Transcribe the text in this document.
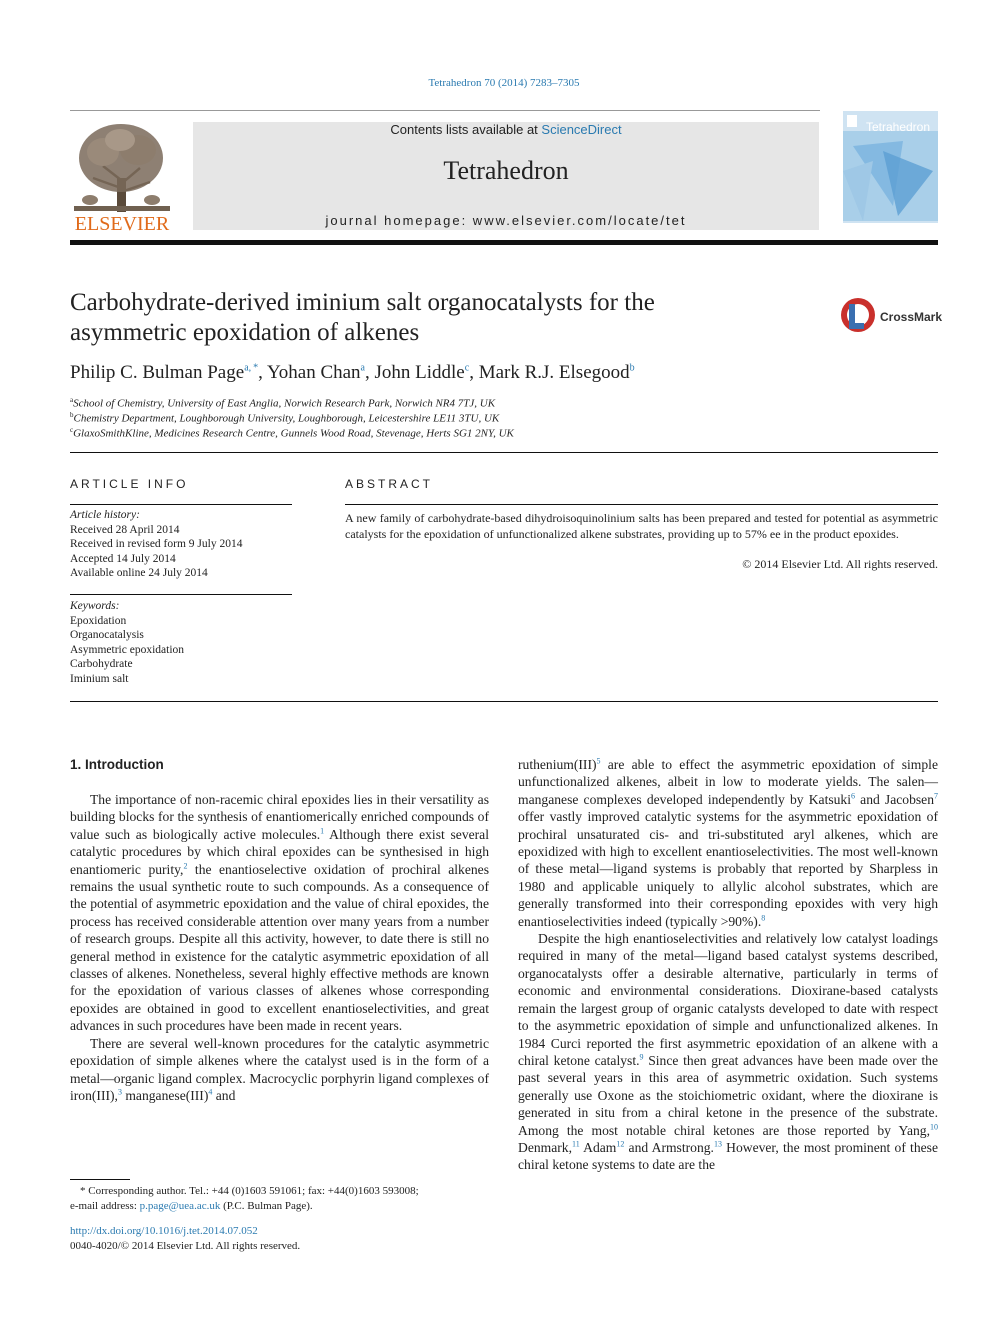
Tetrahedron 70 (2014) 7283–7305
ELSEVIER
Contents lists available at ScienceDirect
Tetrahedron
journal homepage: www.elsevier.com/locate/tet
Tetrahedron
Carbohydrate-derived iminium salt organocatalysts for the
asymmetric epoxidation of alkenes
CrossMark
Philip C. Bulman Page$^{a, *}$, Yohan Chan$^a$, John Liddle$^c$, Mark R.J. Elsegood$^b$
$^a$School of Chemistry, University of East Anglia, Norwich Research Park, Norwich NR4 7TJ, UK
$^b$Chemistry Department, Loughborough University, Loughborough, Leicestershire LE11 3TU, UK
$^c$GlaxoSmithKline, Medicines Research Centre, Gunnels Wood Road, Stevenage, Herts SG1 2NY, UK
ARTICLE INFO
Article history:
Received 28 April 2014
Received in revised form 9 July 2014
Accepted 14 July 2014
Available online 24 July 2014
Keywords:
Epoxidation
Organocatalysis
Asymmetric epoxidation
Carbohydrate
Iminium salt
ABSTRACT
A new family of carbohydrate-based dihydroisoquinolinium salts has been prepared and tested for potential as asymmetric catalysts for the epoxidation of unfunctionalized alkene substrates, providing up to 57% ee in the product epoxides.
© 2014 Elsevier Ltd. All rights reserved.
1. Introduction

The importance of non-racemic chiral epoxides lies in their versatility as building blocks for the synthesis of enantiomerically enriched compounds of value such as biologically active molecules.$^1$ Although there exist several catalytic procedures by which chiral epoxides can be synthesised in high enantiomeric purity,$^2$ the enantioselective oxidation of prochiral alkenes remains the usual synthetic route to such compounds. As a consequence of the potential of asymmetric epoxidation and the value of chiral epoxides, the process has received considerable attention over many years from a number of research groups. Despite all this activity, however, to date there is still no general method in existence for the catalytic asymmetric epoxidation of all classes of alkenes. Nonetheless, several highly effective methods are known for the epoxidation of various classes of alkenes whose corresponding epoxides are obtained in good to excellent enantioselectivities, and great advances in such procedures have been made in recent years.

There are several well-known procedures for the catalytic asymmetric epoxidation of simple alkenes where the catalyst used is in the form of a metal—organic ligand complex. Macrocyclic porphyrin ligand complexes of iron(III),$^3$ manganese(III)$^4$ and

ruthenium(III)$^5$ are able to effect the asymmetric epoxidation of simple unfunctionalized alkenes, albeit in low to moderate yields. The salen—manganese complexes developed independently by Katsuki$^6$ and Jacobsen$^7$ offer vastly improved catalytic systems for the asymmetric epoxidation of prochiral unsaturated cis- and tri-substituted aryl alkenes, which are epoxidized with high to excellent enantioselectivities. The most well-known of these metal—ligand systems is probably that reported by Sharpless in 1980 and applicable uniquely to allylic alcohol substrates, which are generally transformed into their corresponding epoxides with very high enantioselectivities indeed (typically >90%).$^8$

Despite the high enantioselectivities and relatively low catalyst loadings required in many of the metal—ligand based catalyst systems described, organocatalysts offer a desirable alternative, particularly in terms of economic and environmental considerations. Dioxirane-based catalysts remain the largest group of organic catalysts developed to date with respect to the asymmetric epoxidation of simple and unfunctionalized alkenes. In 1984 Curci reported the first asymmetric epoxidation of an alkene with a chiral ketone catalyst.$^9$ Since then great advances have been made over the past several years in this area of asymmetric oxidation. Such systems generally use Oxone as the stoichiometric oxidant, where the dioxirane is generated in situ from a chiral ketone in the presence of the substrate. Among the most notable chiral ketones are those reported by Yang,$^{10}$ Denmark,$^{11}$ Adam$^{12}$ and Armstrong.$^{13}$ However, the most prominent of these chiral ketone systems to date are the

* Corresponding author. Tel.: +44 (0)1603 591061; fax: +44(0)1603 593008;
e-mail address: p.page@uea.ac.uk (P.C. Bulman Page).
http://dx.doi.org/10.1016/j.tet.2014.07.052
0040-4020/© 2014 Elsevier Ltd. All rights reserved.
